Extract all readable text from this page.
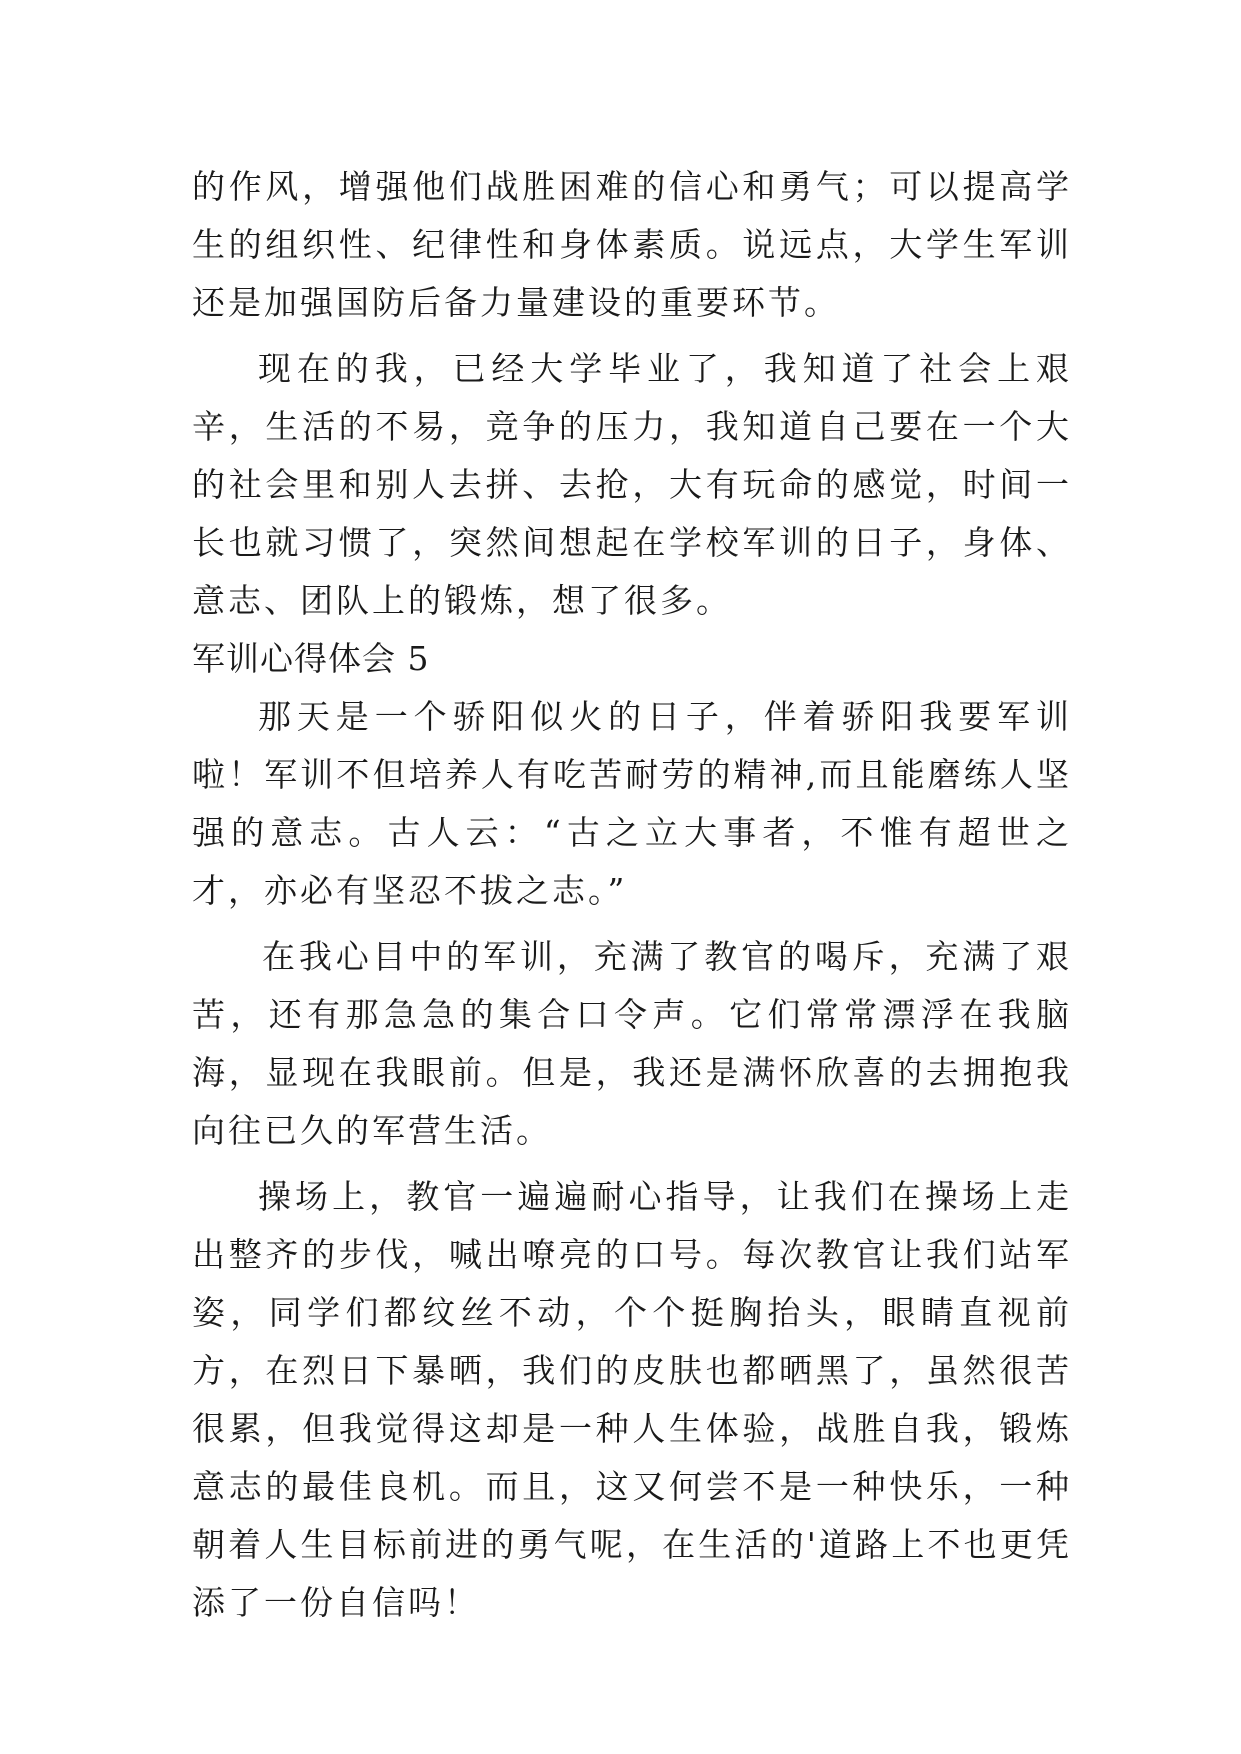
的作风，增强他们战胜困难的信心和勇气；可以提高学生的组织性、纪律性和身体素质。说远点，大学生军训还是加强国防后备力量建设的重要环节。

现在的我，已经大学毕业了，我知道了社会上艰辛，生活的不易，竞争的压力，我知道自己要在一个大的社会里和别人去拼、去抢，大有玩命的感觉，时间一长也就习惯了，突然间想起在学校军训的日子，身体、意志、团队上的锻炼，想了很多。

军训心得体会 5

那天是一个骄阳似火的日子，伴着骄阳我要军训啦！军训不但培养人有吃苦耐劳的精神,而且能磨练人坚强的意志。古人云：“古之立大事者，不惟有超世之才，亦必有坚忍不拔之志。”

在我心目中的军训，充满了教官的喝斥，充满了艰苦，还有那急急的集合口令声。它们常常漂浮在我脑海，显现在我眼前。但是，我还是满怀欣喜的去拥抱我向往已久的军营生活。

操场上，教官一遍遍耐心指导，让我们在操场上走出整齐的步伐，喊出嘹亮的口号。每次教官让我们站军姿，同学们都纹丝不动，个个挺胸抬头，眼睛直视前方，在烈日下暴晒，我们的皮肤也都晒黑了，虽然很苦很累，但我觉得这却是一种人生体验，战胜自我，锻炼意志的最佳良机。而且，这又何尝不是一种快乐，一种朝着人生目标前进的勇气呢，在生活的'道路上不也更凭添了一份自信吗！
